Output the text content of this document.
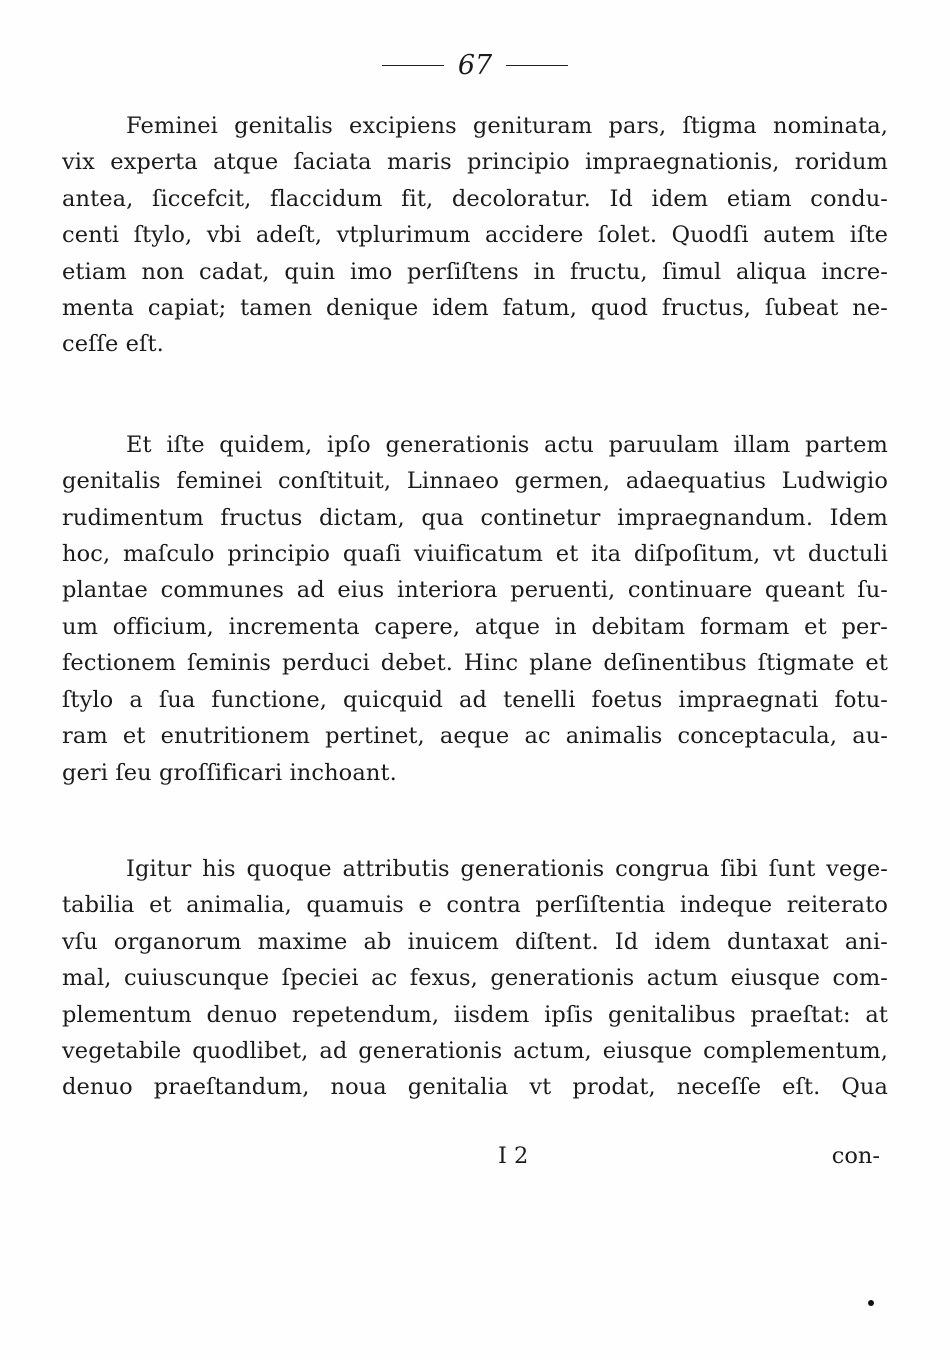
67

Feminei genitalis excipiens genituram pars, ſtigma nominata,
vix experta atque ſaciata maris principio impraegnationis, roridum
antea, ſiccefcit, flaccidum fit, decoloratur. Id idem etiam condu-
centi ſtylo, vbi adeſt, vtplurimum accidere ſolet. Quodſi autem iſte
etiam non cadat, quin imo perſiſtens in fructu, ſimul aliqua incre-
menta capiat; tamen denique idem fatum, quod fructus, ſubeat ne-
ceſſe eſt.

Et iſte quidem, ipſo generationis actu paruulam illam partem
genitalis feminei conſtituit, Linnaeo germen, adaequatius Ludwigio
rudimentum fructus dictam, qua continetur impraegnandum. Idem
hoc, maſculo principio quaſi viuificatum et ita diſpoſitum, vt ductuli
plantae communes ad eius interiora peruenti, continuare queant ſu-
um officium, incrementa capere, atque in debitam formam et per-
fectionem ſeminis perduci debet. Hinc plane deſinentibus ſtigmate et
ſtylo a ſua functione, quicquid ad tenelli foetus impraegnati fotu-
ram et enutritionem pertinet, aeque ac animalis conceptacula, au-
geri ſeu groſſificari inchoant.

Igitur his quoque attributis generationis congrua ſibi ſunt vege-
tabilia et animalia, quamuis e contra perſiſtentia indeque reiterato
vſu organorum maxime ab inuicem diſtent. Id idem duntaxat ani-
mal, cuiuscunque ſpeciei ac fexus, generationis actum eiusque com-
plementum denuo repetendum, iisdem ipſis genitalibus praeſtat: at
vegetabile quodlibet, ad generationis actum, eiusque complementum,
denuo praeſtandum, noua genitalia vt prodat, neceſſe eſt. Qua

I 2	con-
